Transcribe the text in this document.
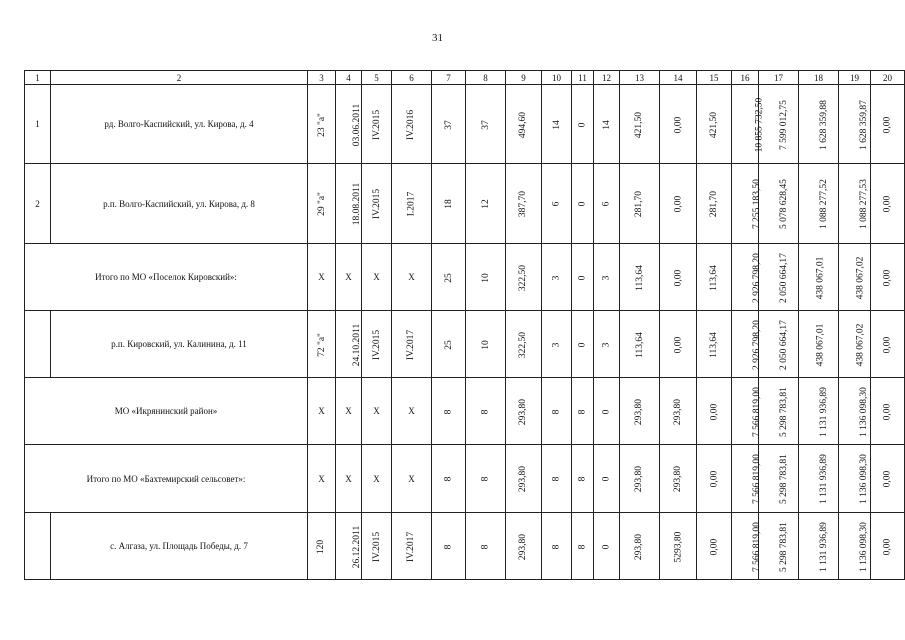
31
1	2	3	4	5	6	7	8	9	10	11	12	13	14	15	16	17	18	19	20
1	рд. Волго-Каспийский, ул. Кирова, д. 4	23 "а"	03.06.2011	IV.2015	IV.2016	37	37	494,60	14	0	14	421,50	0,00	421,50	10 855 732,50	7 599 012,75	1 628 359,88	1 628 359,87	0,00
2	р.п. Волго-Каспийский, ул. Кирова, д. 8	29 "а"	18.08.2011	IV.2015	I.2017	18	12	387,70	6	0	6	281,70	0,00	281,70	7 255 183,50	5 078 628,45	1 088 277,52	1 088 277,53	0,00
Итого по МО «Поселок Кировский»:		X	X	X	X	25	10	322,50	3	0	3	113,64	0,00	113,64	2 926 798,20	2 050 664,17	438 067,01	438 067,02	0,00
	р.п. Кировский, ул. Калинина, д. 11	72 "а"	24.10.2011	IV.2015	IV.2017	25	10	322,50	3	0	3	113,64	0,00	113,64	2 926 798,20	2 050 664,17	438 067,01	438 067,02	0,00
МО «Икрянинский район»		X	X	X	X	8	8	293,80	8	8	0	293,80	293,80	0,00	7 566 819,00	5 298 783,81	1 131 936,89	1 136 098,30	0,00
Итого по МО «Бахтемирский сельсовет»:		X	X	X	X	8	8	293,80	8	8	0	293,80	293,80	0,00	7 566 819,00	5 298 783,81	1 131 936,89	1 136 098,30	0,00
	с. Алгаза, ул. Площадь Победы, д. 7	120	26.12.2011	IV.2015	IV.2017	8	8	293,80	8	8	0	293,80	5293,80	0,00	7 566 819,00	5 298 783,81	1 131 936,89	1 136 098,30	0,00
